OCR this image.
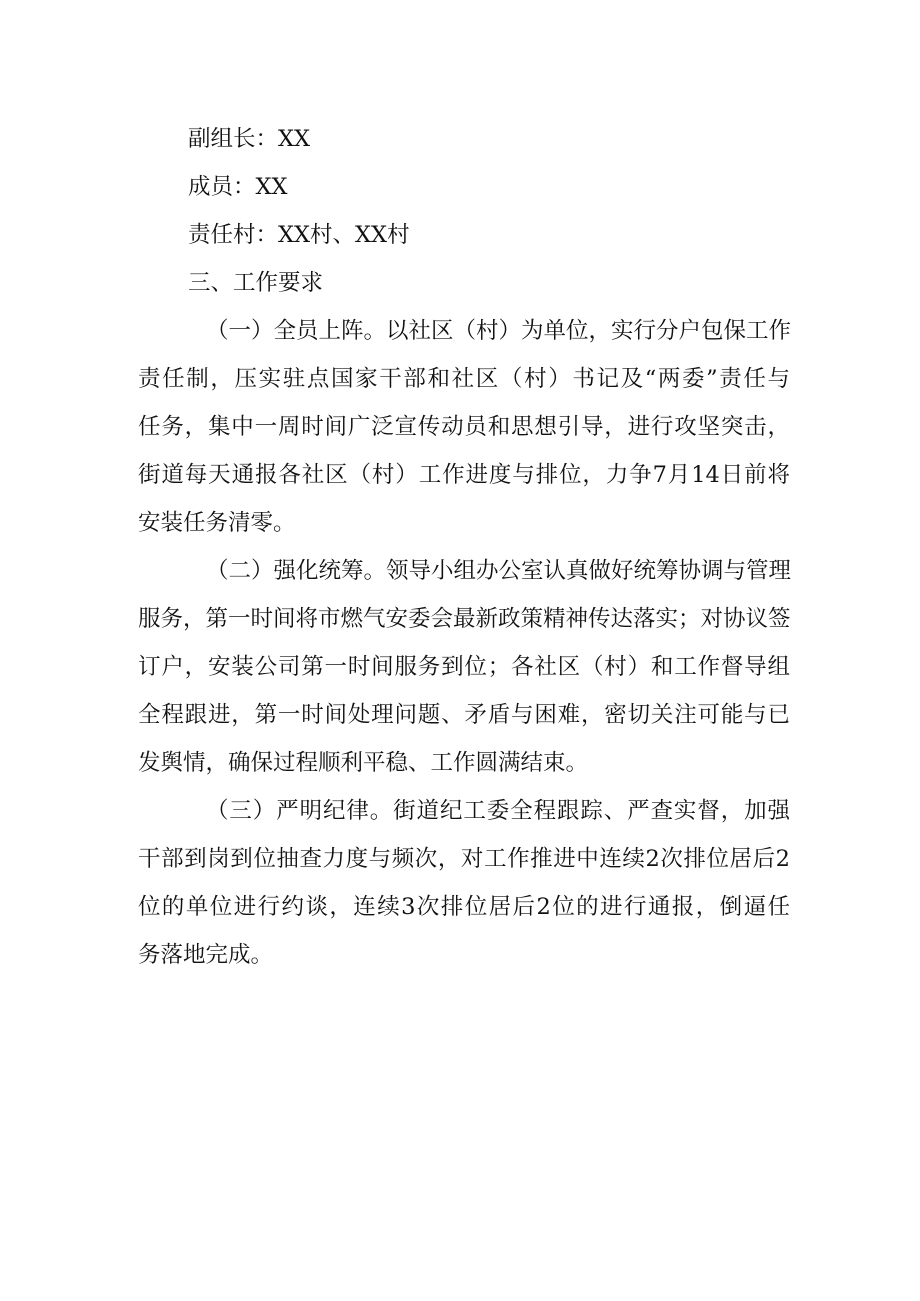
副组长：XX

成员：XX

责任村：XX村、XX村

三、工作要求

（一）全员上阵。以社区（村）为单位，实行分户包保工作
责任制，压实驻点国家干部和社区（村）书记及“两委”责任与
任务，集中一周时间广泛宣传动员和思想引导，进行攻坚突击，
街道每天通报各社区（村）工作进度与排位，力争7月14日前将
安装任务清零。

（二）强化统筹。领导小组办公室认真做好统筹协调与管理
服务，第一时间将市燃气安委会最新政策精神传达落实；对协议签
订户，安装公司第一时间服务到位；各社区（村）和工作督导组
全程跟进，第一时间处理问题、矛盾与困难，密切关注可能与已
发舆情，确保过程顺利平稳、工作圆满结束。

（三）严明纪律。街道纪工委全程跟踪、严查实督，加强
干部到岗到位抽查力度与频次，对工作推进中连续2次排位居后2
位的单位进行约谈，连续3次排位居后2位的进行通报，倒逼任
务落地完成。
